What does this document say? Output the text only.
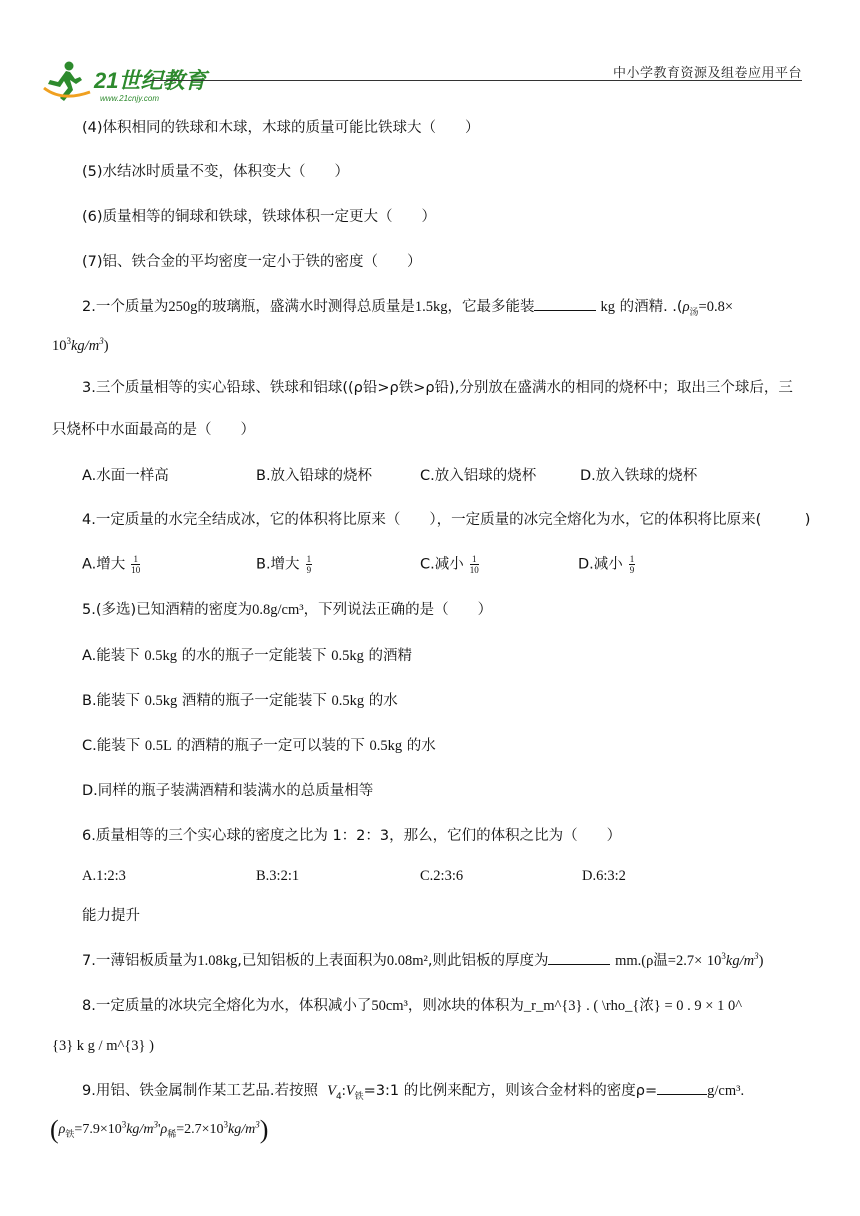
21世纪教育
www.21cnjy.com
中小学教育资源及组卷应用平台
(4)体积相同的铁球和木球，木球的质量可能比铁球大（　　）
(5)水结冰时质量不变，体积变大（　　）
(6)质量相等的铜球和铁球，铁球体积一定更大（　　）
(7)铝、铁合金的平均密度一定小于铁的密度（　　）
2.一个质量为250g的玻璃瓶，盛满水时测得总质量是1.5kg，它最多能装	kg 的酒精. $.(\rho_汤=0.8\times$
$10^3kg/m^3$)
3.三个质量相等的实心铅球、铁球和铝球((ρ铅>ρ铁>ρ铅),分别放在盛满水的相同的烧杯中；取出三个球后，三
只烧杯中水面最高的是（　　）
A.水面一样高	B.放入铅球的烧杯	C.放入铝球的烧杯	D.放入铁球的烧杯
4.一定质量的水完全结成冰，它的体积将比原来（　　），一定质量的冰完全熔化为水，它的体积将比原来(　　　)
A.增大 $\frac{1}{10}$	B.增大 $\frac{1}{9}$	C.减小 $\frac{1}{10}$	D.减小 $\frac{1}{9}$
5.(多选)已知酒精的密度为0.8g/cm³，下列说法正确的是（　　）
A.能装下 0.5kg 的水的瓶子一定能装下 0.5kg 的酒精
B.能装下 0.5kg 酒精的瓶子一定能装下 0.5kg 的水
C.能装下 0.5L 的酒精的瓶子一定可以装的下 0.5kg 的水
D.同样的瓶子装满酒精和装满水的总质量相等
6.质量相等的三个实心球的密度之比为 1：2：3，那么，它们的体积之比为（　　）
A.1:2:3	B.3:2:1	C.2:3:6	D.6:3:2
能力提升
7.一薄铝板质量为1.08kg,已知铝板的上表面积为0.08m²,则此铝板的厚度为	mm.(ρ温$=2.7\times 10^3kg/m^3$)
8.一定质量的冰块完全熔化为水，体积减小了50cm³，则冰块的体积为_r_m^{3} . ( \rho_{浓} = 0 . 9 × 1 0^
{3} k g / m^{3} )
9.用铝、铁金属制作某工艺品.若按照 $V_4:V_铁=3:1$ 的比例来配方，则该合金材料的密度ρ=	g/cm³.
$(\rho_铁=7.9\times 10^3kg/m^3'\rho_稀=2.7\times 10^3kg/m^3)$
